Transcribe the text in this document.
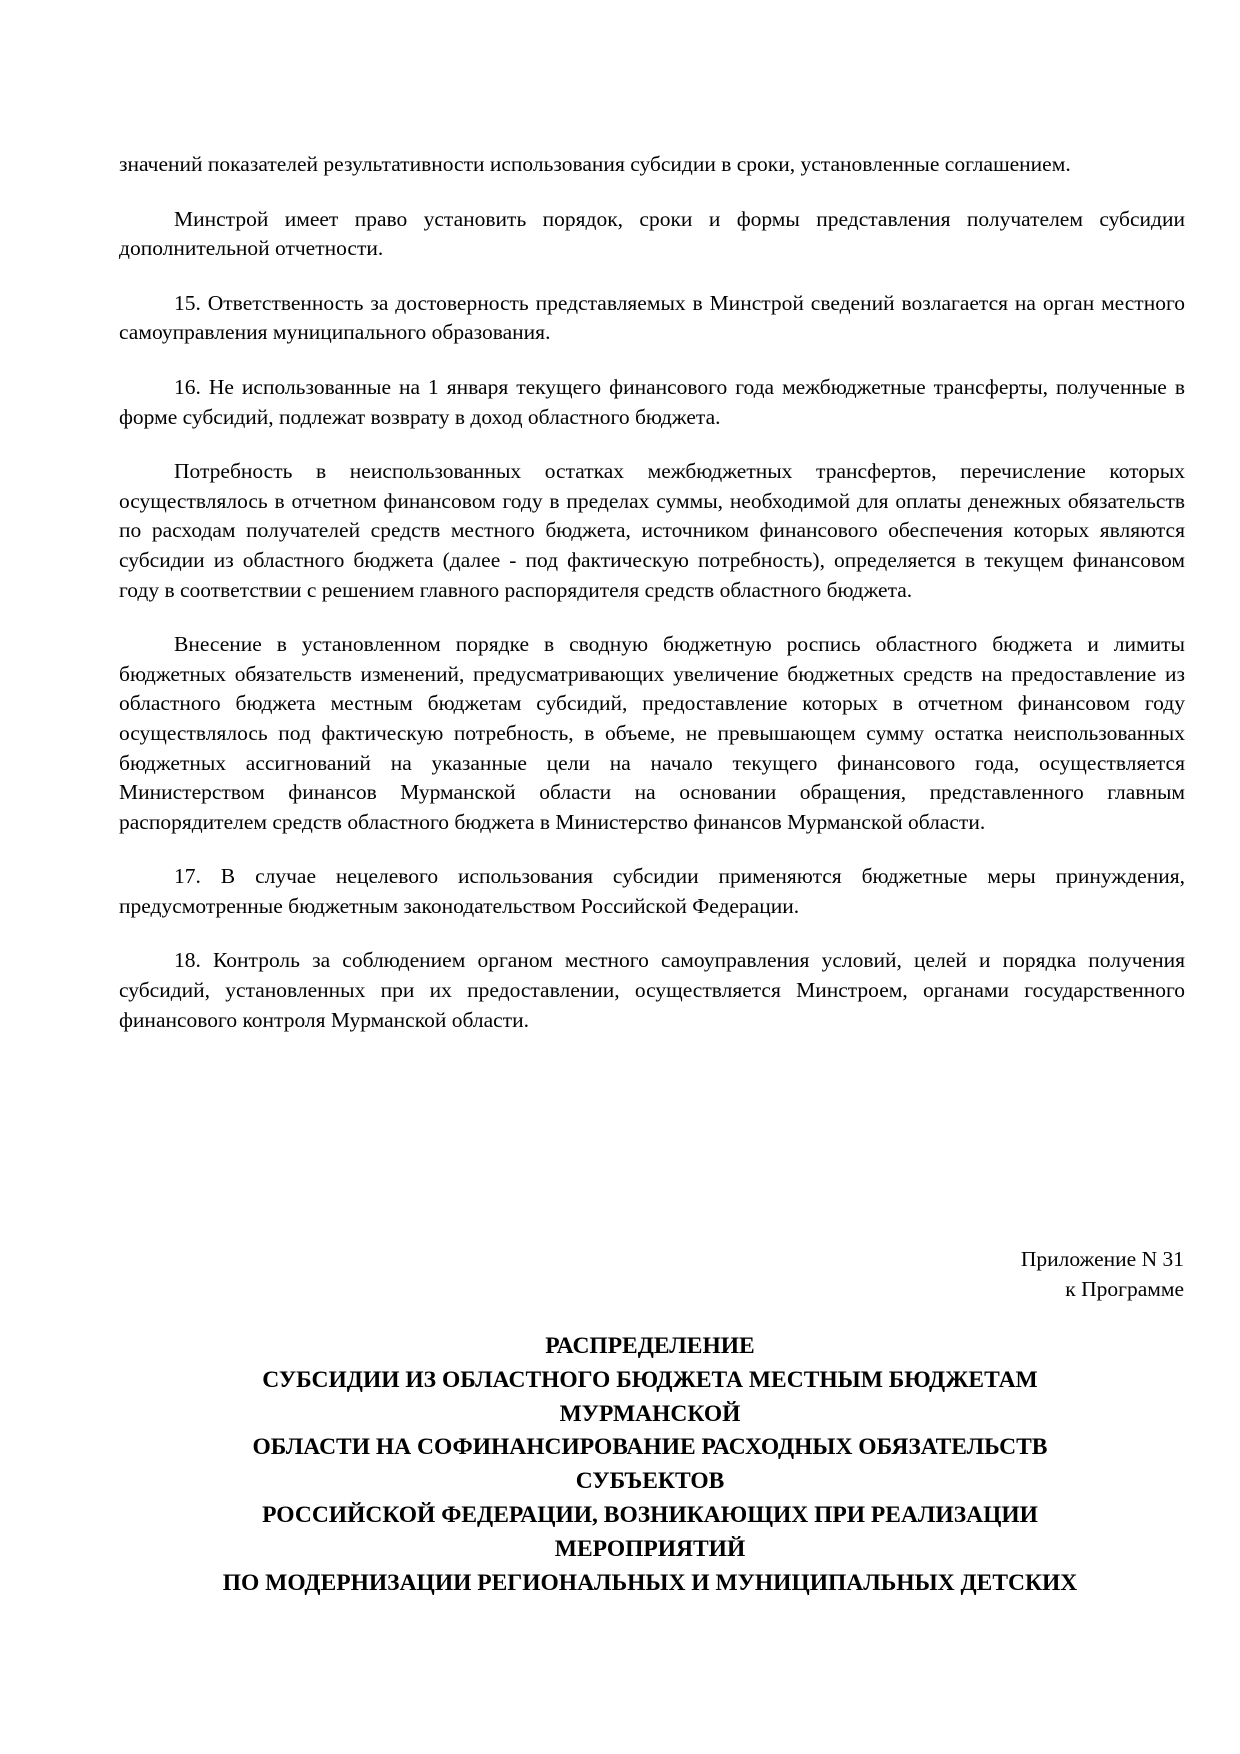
значений показателей результативности использования субсидии в сроки, установленные соглашением.

Минстрой имеет право установить порядок, сроки и формы представления получателем субсидии дополнительной отчетности.

15. Ответственность за достоверность представляемых в Минстрой сведений возлагается на орган местного самоуправления муниципального образования.

16. Не использованные на 1 января текущего финансового года межбюджетные трансферты, полученные в форме субсидий, подлежат возврату в доход областного бюджета.

Потребность в неиспользованных остатках межбюджетных трансфертов, перечисление которых осуществлялось в отчетном финансовом году в пределах суммы, необходимой для оплаты денежных обязательств по расходам получателей средств местного бюджета, источником финансового обеспечения которых являются субсидии из областного бюджета (далее - под фактическую потребность), определяется в текущем финансовом году в соответствии с решением главного распорядителя средств областного бюджета.

Внесение в установленном порядке в сводную бюджетную роспись областного бюджета и лимиты бюджетных обязательств изменений, предусматривающих увеличение бюджетных средств на предоставление из областного бюджета местным бюджетам субсидий, предоставление которых в отчетном финансовом году осуществлялось под фактическую потребность, в объеме, не превышающем сумму остатка неиспользованных бюджетных ассигнований на указанные цели на начало текущего финансового года, осуществляется Министерством финансов Мурманской области на основании обращения, представленного главным распорядителем средств областного бюджета в Министерство финансов Мурманской области.

17. В случае нецелевого использования субсидии применяются бюджетные меры принуждения, предусмотренные бюджетным законодательством Российской Федерации.

18. Контроль за соблюдением органом местного самоуправления условий, целей и порядка получения субсидий, установленных при их предоставлении, осуществляется Минстроем, органами государственного финансового контроля Мурманской области.

Приложение N 31
к Программе
РАСПРЕДЕЛЕНИЕ
СУБСИДИИ ИЗ ОБЛАСТНОГО БЮДЖЕТА МЕСТНЫМ БЮДЖЕТАМ
МУРМАНСКОЙ
ОБЛАСТИ НА СОФИНАНСИРОВАНИЕ РАСХОДНЫХ ОБЯЗАТЕЛЬСТВ
СУБЪЕКТОВ
РОССИЙСКОЙ ФЕДЕРАЦИИ, ВОЗНИКАЮЩИХ ПРИ РЕАЛИЗАЦИИ
МЕРОПРИЯТИЙ
ПО МОДЕРНИЗАЦИИ РЕГИОНАЛЬНЫХ И МУНИЦИПАЛЬНЫХ ДЕТСКИХ
